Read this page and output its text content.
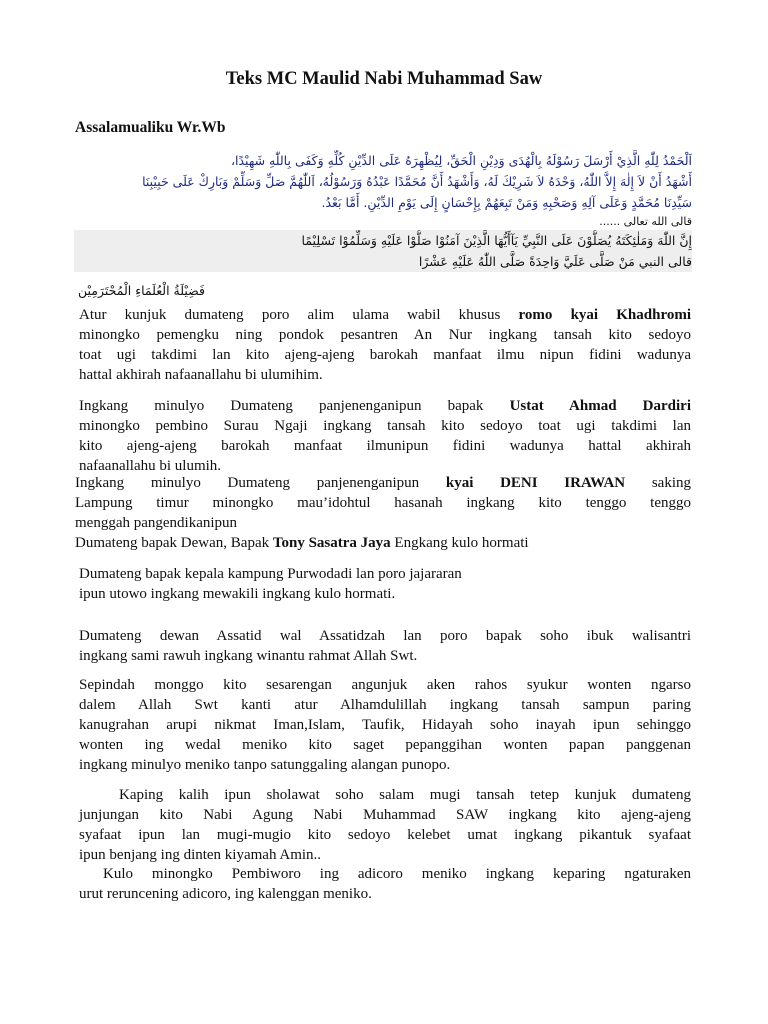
Teks MC Maulid Nabi Muhammad Saw

Assalamualiku Wr.Wb

اَلْحَمْدُ لِلّٰهِ الَّذِيْ أَرْسَلَ رَسُوْلَهُ بِالْهُدَى وَدِيْنِ الْحَقِّ، لِيُظْهِرَهُ عَلَى الدِّيْنِ كُلِّهِ وَكَفَى بِاللّٰهِ شَهِيْدًا،
أَشْهَدُ أَنْ لاَ إِلٰهَ إِلاَّ اللّٰهُ، وَحْدَهُ لاَ شَرِيْكَ لَهُ، وَأَشْهَدُ أَنَّ مُحَمَّدًا عَبْدُهُ وَرَسُوْلُهُ، اَللّٰهُمَّ صَلِّ وَسَلِّمْ وَبَارِكْ عَلَى حَبِيْبِنَا
سَيِّدِنَا مُحَمَّدٍ وَعَلَى آلِهِ وَصَحْبِهِ وَمَنْ تَبِعَهُمْ بِإِحْسَانٍ إِلَى يَوْمِ الدِّيْنِ. أَمَّا بَعْدُ.
قالى الله تعالى ......
إِنَّ اللّٰهَ وَمَلٰئِكَتَهُ يُصَلُّوْنَ عَلَى النَّبِيِّ يَآأَيُّهَا الَّذِيْنَ آمَنُوْا صَلُّوْا عَلَيْهِ وَسَلِّمُوْا تَسْلِيْمًا
قالى النبي مَنْ صَلَّى عَلَيَّ وَاحِدَةً صَلَّى اللّٰهُ عَلَيْهِ عَشْرًا
فَضِيْلَةُ الْعُلَمَاءِ الْمُحْتَرَمِيْن
Atur kunjuk dumateng poro alim ulama wabil khusus romo kyai Khadhromi
minongko pemengku ning pondok pesantren An Nur ingkang tansah kito sedoyo
toat ugi takdimi lan kito ajeng-ajeng barokah manfaat ilmu nipun fidini wadunya
hattal akhirah nafaanallahu bi ulumihim.
Ingkang minulyo Dumateng panjenenganipun bapak Ustat Ahmad Dardiri
minongko pembino Surau Ngaji ingkang tansah kito sedoyo toat ugi takdimi lan
kito ajeng-ajeng barokah manfaat ilmunipun fidini wadunya hattal akhirah
nafaanallahu bi ulumih.
Ingkang minulyo Dumateng panjenenganipun kyai DENI IRAWAN saking
Lampung timur minongko mau’idohtul hasanah ingkang kito tenggo tenggo
menggah pangendikanipun
Dumateng bapak Dewan, Bapak Tony Sasatra Jaya Engkang kulo hormati
Dumateng bapak kepala kampung Purwodadi lan poro jajararan
ipun utowo ingkang mewakili ingkang kulo hormati.
Dumateng dewan Assatid wal Assatidzah lan poro bapak soho ibuk walisantri
ingkang sami rawuh ingkang winantu rahmat Allah Swt.
Sepindah monggo kito sesarengan angunjuk aken rahos syukur wonten ngarso
dalem Allah Swt kanti atur Alhamdulillah ingkang tansah sampun paring
kanugrahan arupi nikmat Iman,Islam, Taufik, Hidayah soho inayah ipun sehinggo
wonten ing wedal meniko kito saget pepanggihan wonten papan panggenan
ingkang minulyo meniko tanpo satunggaling alangan punopo.
Kaping kalih ipun sholawat soho salam mugi tansah tetep kunjuk dumateng
junjungan kito Nabi Agung Nabi Muhammad SAW ingkang kito ajeng-ajeng
syafaat ipun lan mugi-mugio kito sedoyo kelebet umat ingkang pikantuk syafaat
ipun benjang ing dinten kiyamah Amin..
Kulo minongko Pembiworo ing adicoro meniko ingkang keparing ngaturaken
urut reruncening adicoro, ing kalenggan meniko.
